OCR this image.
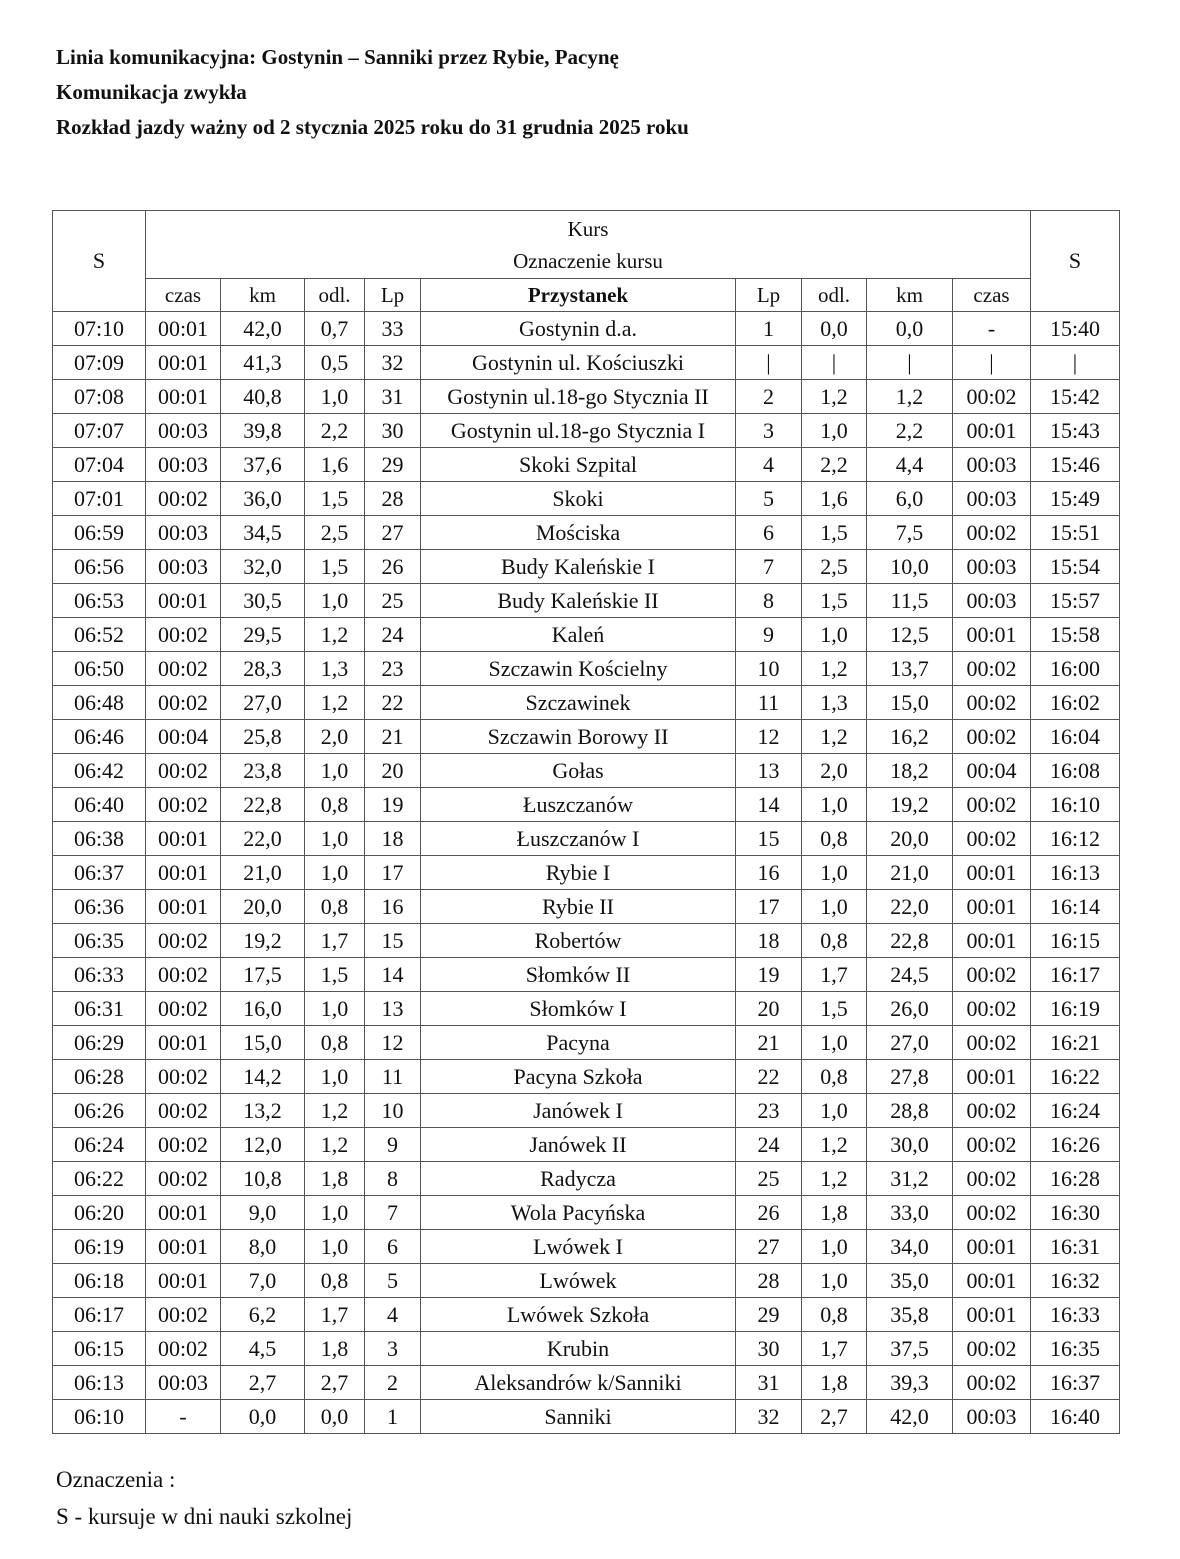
Linia komunikacyjna: Gostynin – Sanniki przez Rybie, Pacynę
Komunikacja zwykła
Rozkład jazdy ważny od 2 stycznia 2025 roku do 31 grudnia 2025 roku
S	Kurs
Oznaczenie kursu									S
	czas	km	odl.	Lp	Przystanek	Lp	odl.	km	czas	
07:10	00:01	42,0	0,7	33	Gostynin d.a.	1	0,0	0,0	-	15:40
07:09	00:01	41,3	0,5	32	Gostynin ul. Kościuszki	|	|	|	|	|
07:08	00:01	40,8	1,0	31	Gostynin ul.18-go Stycznia II	2	1,2	1,2	00:02	15:42
07:07	00:03	39,8	2,2	30	Gostynin ul.18-go Stycznia I	3	1,0	2,2	00:01	15:43
07:04	00:03	37,6	1,6	29	Skoki Szpital	4	2,2	4,4	00:03	15:46
07:01	00:02	36,0	1,5	28	Skoki	5	1,6	6,0	00:03	15:49
06:59	00:03	34,5	2,5	27	Mościska	6	1,5	7,5	00:02	15:51
06:56	00:03	32,0	1,5	26	Budy Kaleńskie I	7	2,5	10,0	00:03	15:54
06:53	00:01	30,5	1,0	25	Budy Kaleńskie II	8	1,5	11,5	00:03	15:57
06:52	00:02	29,5	1,2	24	Kaleń	9	1,0	12,5	00:01	15:58
06:50	00:02	28,3	1,3	23	Szczawin Kościelny	10	1,2	13,7	00:02	16:00
06:48	00:02	27,0	1,2	22	Szczawinek	11	1,3	15,0	00:02	16:02
06:46	00:04	25,8	2,0	21	Szczawin Borowy II	12	1,2	16,2	00:02	16:04
06:42	00:02	23,8	1,0	20	Gołas	13	2,0	18,2	00:04	16:08
06:40	00:02	22,8	0,8	19	Łuszczanów	14	1,0	19,2	00:02	16:10
06:38	00:01	22,0	1,0	18	Łuszczanów I	15	0,8	20,0	00:02	16:12
06:37	00:01	21,0	1,0	17	Rybie I	16	1,0	21,0	00:01	16:13
06:36	00:01	20,0	0,8	16	Rybie II	17	1,0	22,0	00:01	16:14
06:35	00:02	19,2	1,7	15	Robertów	18	0,8	22,8	00:01	16:15
06:33	00:02	17,5	1,5	14	Słomków II	19	1,7	24,5	00:02	16:17
06:31	00:02	16,0	1,0	13	Słomków I	20	1,5	26,0	00:02	16:19
06:29	00:01	15,0	0,8	12	Pacyna	21	1,0	27,0	00:02	16:21
06:28	00:02	14,2	1,0	11	Pacyna Szkoła	22	0,8	27,8	00:01	16:22
06:26	00:02	13,2	1,2	10	Janówek I	23	1,0	28,8	00:02	16:24
06:24	00:02	12,0	1,2	9	Janówek II	24	1,2	30,0	00:02	16:26
06:22	00:02	10,8	1,8	8	Radycza	25	1,2	31,2	00:02	16:28
06:20	00:01	9,0	1,0	7	Wola Pacyńska	26	1,8	33,0	00:02	16:30
06:19	00:01	8,0	1,0	6	Lwówek I	27	1,0	34,0	00:01	16:31
06:18	00:01	7,0	0,8	5	Lwówek	28	1,0	35,0	00:01	16:32
06:17	00:02	6,2	1,7	4	Lwówek Szkoła	29	0,8	35,8	00:01	16:33
06:15	00:02	4,5	1,8	3	Krubin	30	1,7	37,5	00:02	16:35
06:13	00:03	2,7	2,7	2	Aleksandrów k/Sanniki	31	1,8	39,3	00:02	16:37
06:10	-	0,0	0,0	1	Sanniki	32	2,7	42,0	00:03	16:40
Oznaczenia :
S - kursuje w dni nauki szkolnej
